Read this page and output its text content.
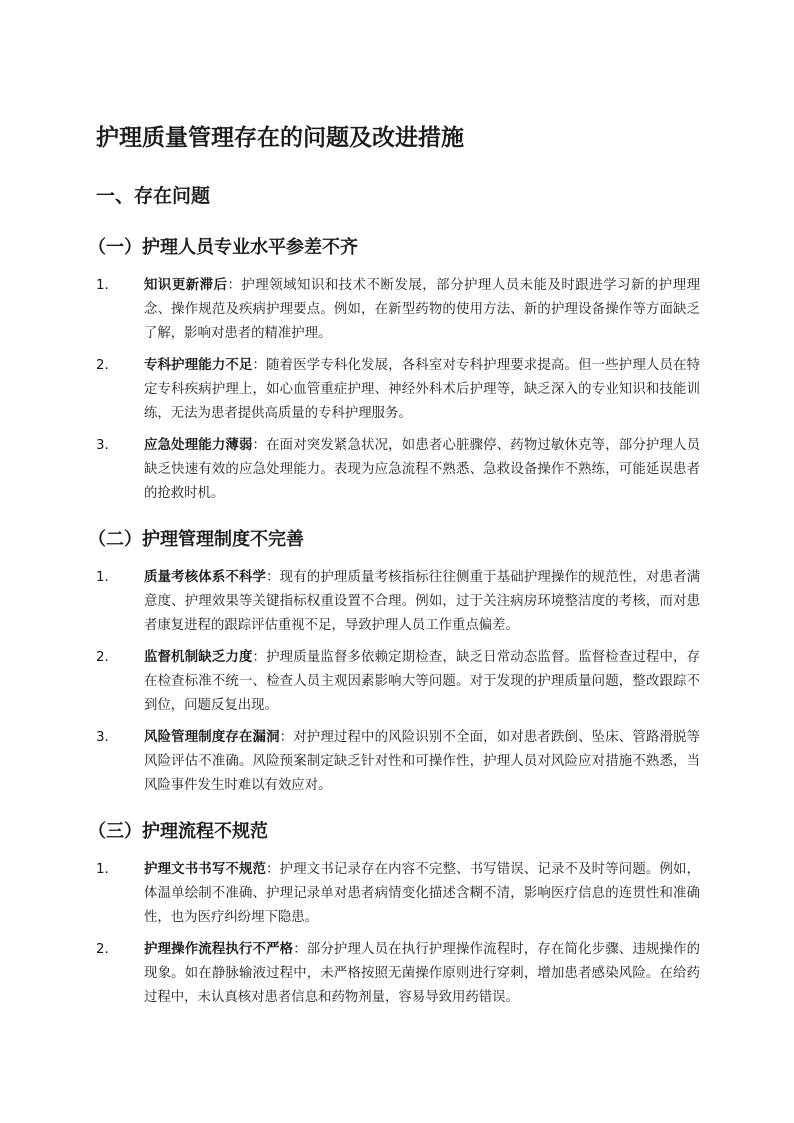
护理质量管理存在的问题及改进措施
一、存在问题
（一）护理人员专业水平参差不齐
1.	知识更新滞后：护理领域知识和技术不断发展，部分护理人员未能及时跟进学习新的护理理念、操作规范及疾病护理要点。例如，在新型药物的使用方法、新的护理设备操作等方面缺乏了解，影响对患者的精准护理。
2.	专科护理能力不足：随着医学专科化发展，各科室对专科护理要求提高。但一些护理人员在特定专科疾病护理上，如心血管重症护理、神经外科术后护理等，缺乏深入的专业知识和技能训练，无法为患者提供高质量的专科护理服务。
3.	应急处理能力薄弱：在面对突发紧急状况，如患者心脏骤停、药物过敏休克等，部分护理人员缺乏快速有效的应急处理能力。表现为应急流程不熟悉、急救设备操作不熟练，可能延误患者的抢救时机。
（二）护理管理制度不完善
1.	质量考核体系不科学：现有的护理质量考核指标往往侧重于基础护理操作的规范性，对患者满意度、护理效果等关键指标权重设置不合理。例如，过于关注病房环境整洁度的考核，而对患者康复进程的跟踪评估重视不足，导致护理人员工作重点偏差。
2.	监督机制缺乏力度：护理质量监督多依赖定期检查，缺乏日常动态监督。监督检查过程中，存在检查标准不统一、检查人员主观因素影响大等问题。对于发现的护理质量问题，整改跟踪不到位，问题反复出现。
3.	风险管理制度存在漏洞：对护理过程中的风险识别不全面，如对患者跌倒、坠床、管路滑脱等风险评估不准确。风险预案制定缺乏针对性和可操作性，护理人员对风险应对措施不熟悉，当风险事件发生时难以有效应对。
（三）护理流程不规范
1.	护理文书书写不规范：护理文书记录存在内容不完整、书写错误、记录不及时等问题。例如，体温单绘制不准确、护理记录单对患者病情变化描述含糊不清，影响医疗信息的连贯性和准确性，也为医疗纠纷埋下隐患。
2.	护理操作流程执行不严格：部分护理人员在执行护理操作流程时，存在简化步骤、违规操作的现象。如在静脉输液过程中，未严格按照无菌操作原则进行穿刺，增加患者感染风险。在给药过程中，未认真核对患者信息和药物剂量，容易导致用药错误。
